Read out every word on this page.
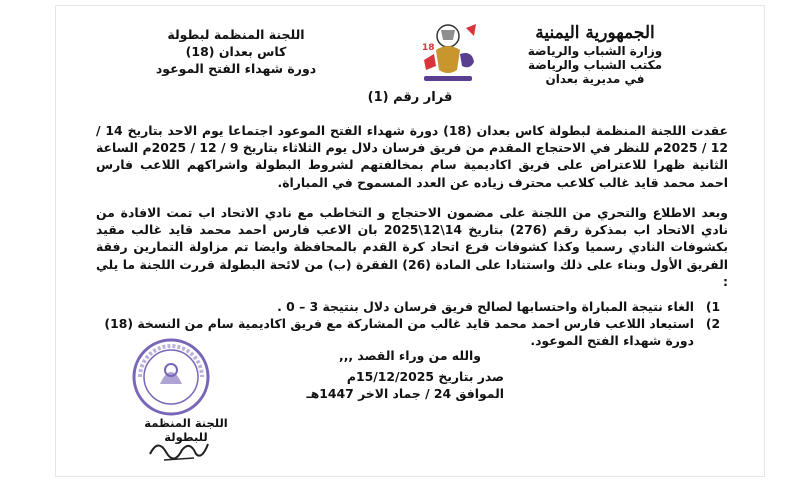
الجمهورية اليمنية
وزارة الشباب والرياضة
مكتب الشباب والرياضة
في مديرية بعدان
18
اللجنة المنظمة لبطولة
كاس بعدان (18)
دورة شهداء الفتح الموعود
قرار رقم (1)
عقدت اللجنة المنظمة لبطولة كاس بعدان (18) دورة شهداء الفتح الموعود اجتماعا يوم الاحد بتاريخ 14 / 12 / 2025م للنظر في الاحتجاج المقدم من فريق فرسان دلال يوم الثلاثاء بتاريخ 9 / 12 / 2025م الساعة الثانية ظهرا للاعتراض على فريق اكاديمية سام بمخالفتهم لشروط البطولة واشراكهم اللاعب فارس احمد محمد قايد غالب كلاعب محترف زياده عن العدد المسموح في المباراة.
وبعد الاطلاع والتحري من اللجنة على مضمون الاحتجاج و التخاطب مع نادي الاتحاد اب تمت الافادة من نادي الاتحاد اب بمذكرة رقم (276) بتاريخ 14\12\2025 بان الاعب فارس احمد محمد قايد غالب مقيد بكشوفات النادي رسميا وكذا كشوفات فرع اتحاد كرة القدم بالمحافظة وايضا تم مزاولة التمارين رفقة الفريق الأول وبناء على ذلك واستنادا على المادة (26) الفقرة (ب) من لائحة البطولة قررت اللجنة ما يلي :
1)
الغاء نتيجة المباراة واحتسابها لصالح فريق فرسان دلال بنتيجة 3 – 0 .
2)
استبعاد اللاعب فارس احمد محمد قايد غالب من المشاركة مع فريق اكاديمية سام من النسخة (18) دورة شهداء الفتح الموعود.
والله من وراء القصد ,,,
صدر بتاريخ 15/12/2025م
الموافق 24 / جماد الاخر 1447هـ
اللجنة المنظمة للبطولة
